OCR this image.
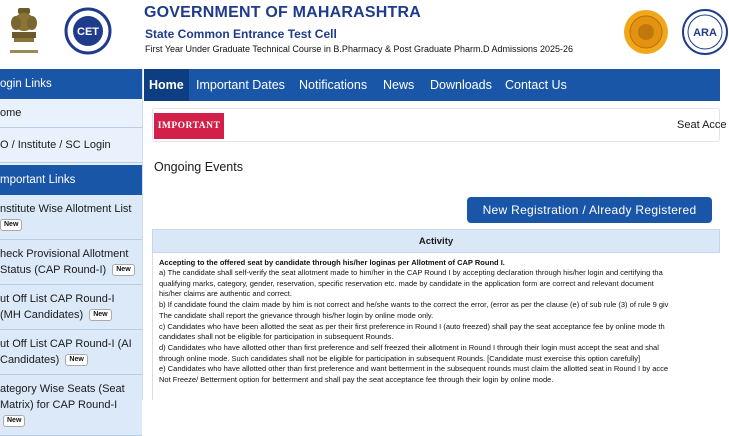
CET
GOVERNMENT OF MAHARASHTRA
State Common Entrance Test Cell
First Year Under Graduate Technical Course in B.Pharmacy & Post Graduate Pharm.D Admissions 2025-26
ARA
ogin Links
ome
O / Institute / SC Login
mportant Links
nstitute Wise Allotment List
New
heck Provisional Allotment Status (CAP Round-I) New
ut Off List CAP Round-I (MH Candidates) New
ut Off List CAP Round-I (AI Candidates) New
ategory Wise Seats (Seat Matrix) for CAP Round-I New
Home Important Dates Notifications News Downloads Contact Us
IMPORTANT	Seat Acce
Ongoing Events
New Registration / Already Registered
Activity
Accepting to the offered seat by candidate through his/her loginas per Allotment of CAP Round I.
a) The candidate shall self-verify the seat allotment made to him/her in the CAP Round I by accepting declaration through his/her login and certifying tha
qualifying marks, category, gender, reservation, specific reservation etc. made by candidate in the application form are correct and relevant document
his/her claims are authentic and correct.
b) If candidate found the claim made by him is not correct and he/she wants to the correct the error, (error as per the clause (e) of sub rule (3) of rule 9 giv
The candidate shall report the grievance through his/her login by online mode only.
c) Candidates who have been allotted the seat as per their first preference in Round I (auto freezed) shall pay the seat acceptance fee by online mode th
candidates shall not be eligible for participation in subsequent Rounds.
d) Candidates who have allotted other than first preference and self freezed their allotment in Round I through their login must accept the seat and shal
through online mode. Such candidates shall not be eligible for participation in subsequent Rounds. [Candidate must exercise this option carefully]
e) Candidates who have allotted other than first preference and want betterment in the subsequent rounds must claim the allotted seat in Round I by acce
Not Freeze/ Betterment option for betterment and shall pay the seat acceptance fee through their login by online mode.
